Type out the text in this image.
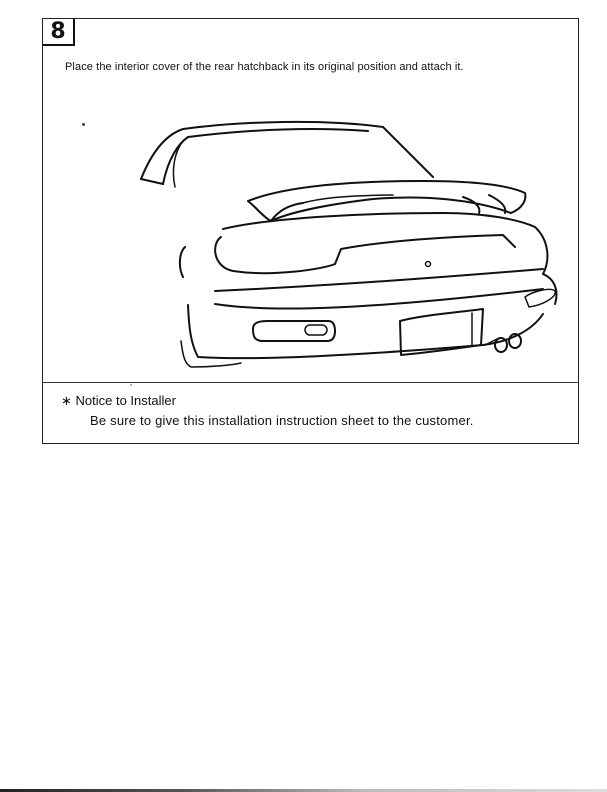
8
Place the interior cover of the rear hatchback in its original position and attach it.
∗ Notice to Installer
Be sure to give this installation instruction sheet to the customer.
